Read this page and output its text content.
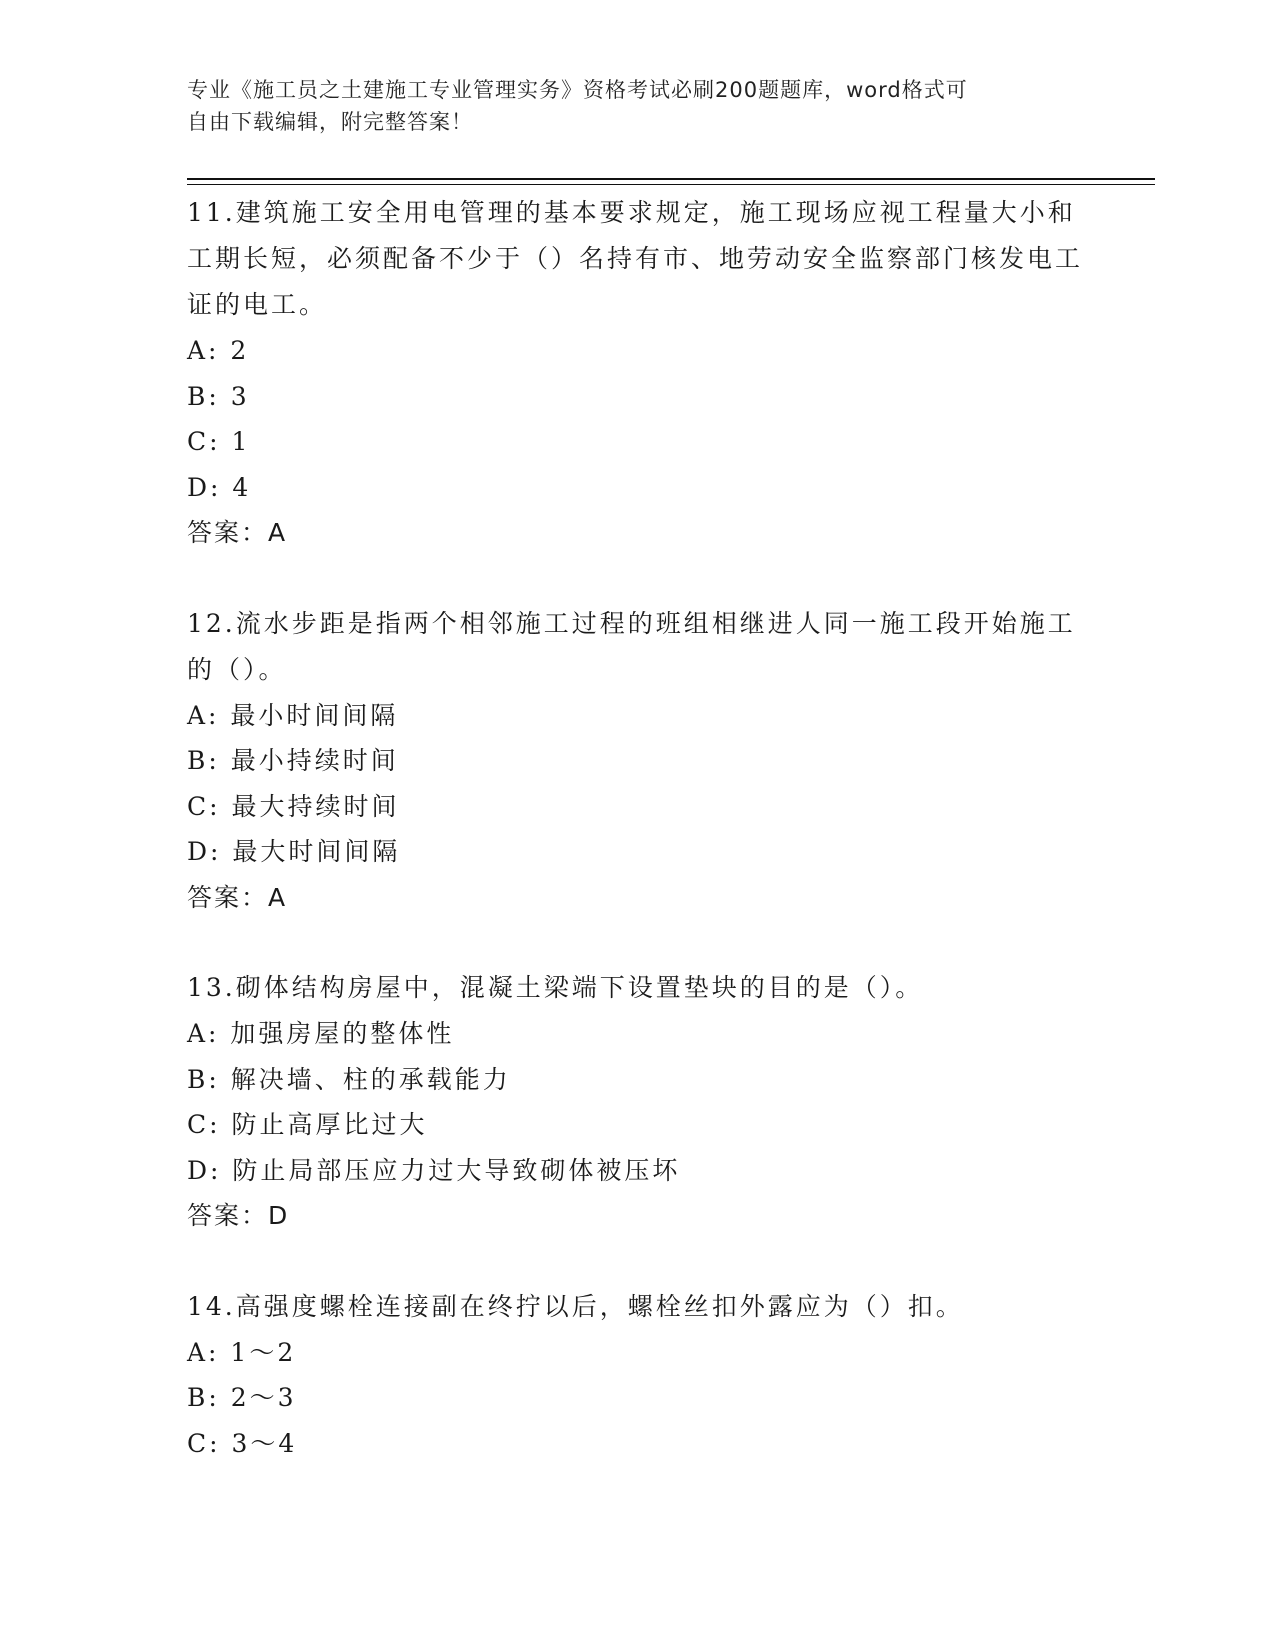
专业《施工员之土建施工专业管理实务》资格考试必刷200题题库，word格式可
自由下载编辑，附完整答案！

11.建筑施工安全用电管理的基本要求规定，施工现场应视工程量大小和工期长短，必须配备不少于（）名持有市、地劳动安全监察部门核发电工证的电工。

A: 2

B: 3

C: 1

D: 4

答案：A

12.流水步距是指两个相邻施工过程的班组相继进人同一施工段开始施工的（）。

A: 最小时间间隔

B: 最小持续时间

C: 最大持续时间

D: 最大时间间隔

答案：A

13.砌体结构房屋中，混凝土梁端下设置垫块的目的是（）。

A: 加强房屋的整体性

B: 解决墙、柱的承载能力

C: 防止高厚比过大

D: 防止局部压应力过大导致砌体被压坏

答案：D

14.高强度螺栓连接副在终拧以后，螺栓丝扣外露应为（）扣。

A: 1～2

B: 2～3

C: 3～4
